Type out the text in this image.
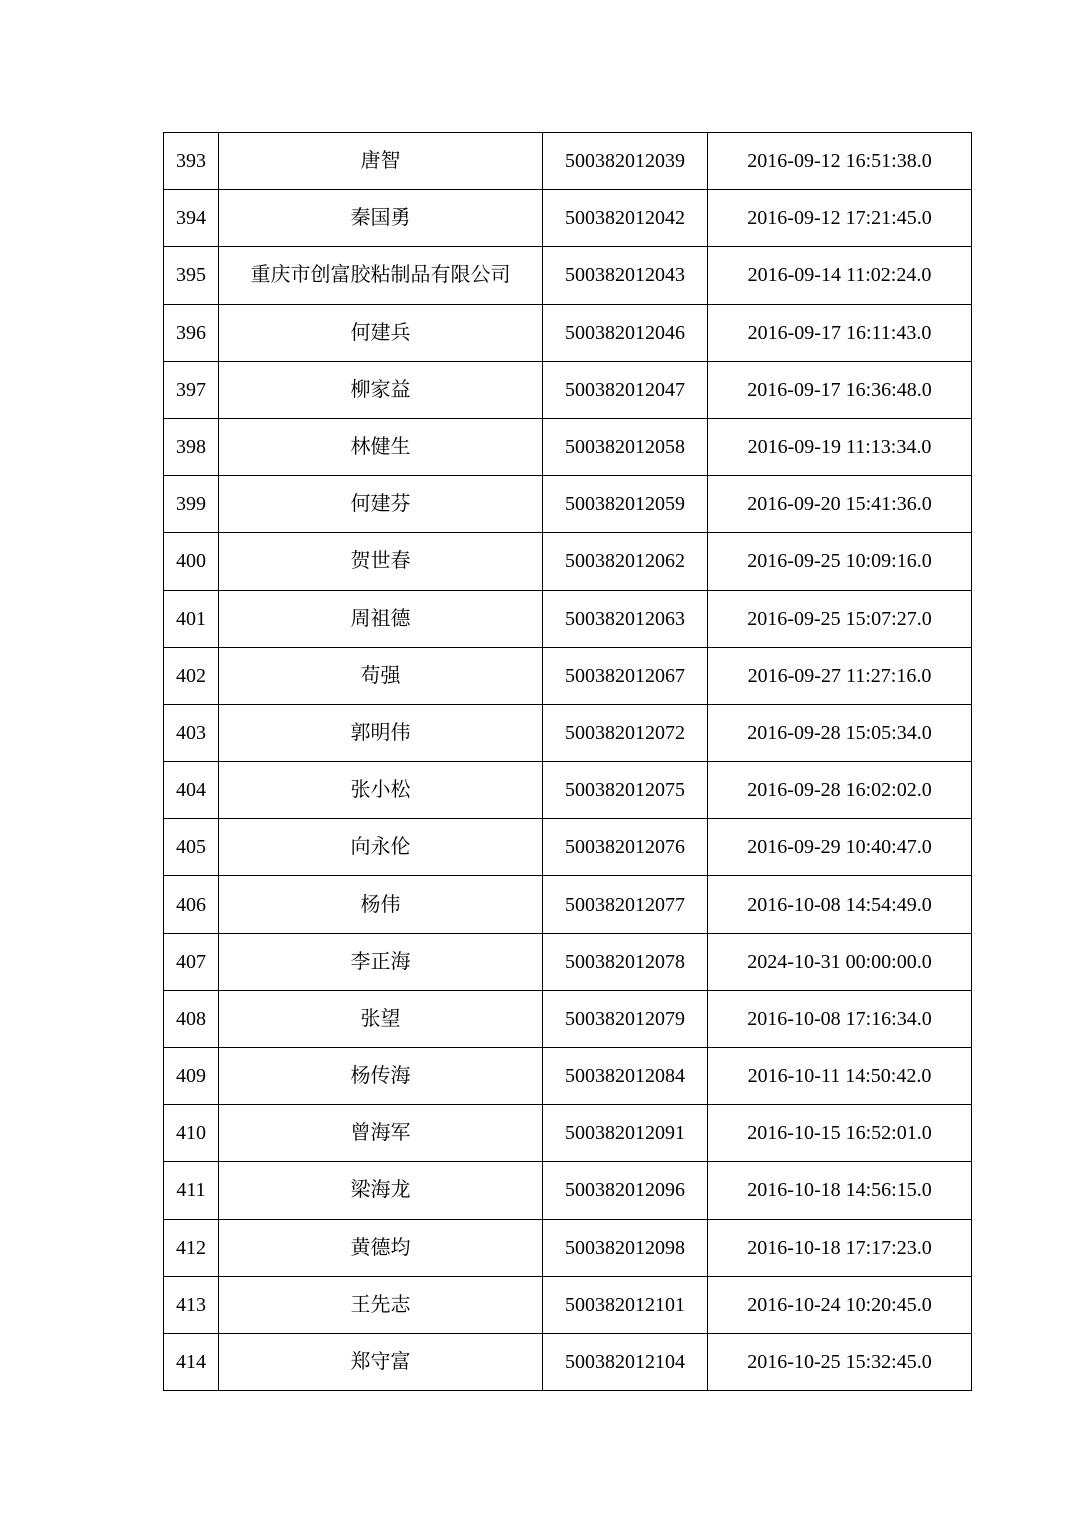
393	唐智	500382012039	2016-09-12 16:51:38.0
394	秦国勇	500382012042	2016-09-12 17:21:45.0
395	重庆市创富胶粘制品有限公司	500382012043	2016-09-14 11:02:24.0
396	何建兵	500382012046	2016-09-17 16:11:43.0
397	柳家益	500382012047	2016-09-17 16:36:48.0
398	林健生	500382012058	2016-09-19 11:13:34.0
399	何建芬	500382012059	2016-09-20 15:41:36.0
400	贺世春	500382012062	2016-09-25 10:09:16.0
401	周祖德	500382012063	2016-09-25 15:07:27.0
402	苟强	500382012067	2016-09-27 11:27:16.0
403	郭明伟	500382012072	2016-09-28 15:05:34.0
404	张小松	500382012075	2016-09-28 16:02:02.0
405	向永伦	500382012076	2016-09-29 10:40:47.0
406	杨伟	500382012077	2016-10-08 14:54:49.0
407	李正海	500382012078	2024-10-31 00:00:00.0
408	张望	500382012079	2016-10-08 17:16:34.0
409	杨传海	500382012084	2016-10-11 14:50:42.0
410	曾海军	500382012091	2016-10-15 16:52:01.0
411	梁海龙	500382012096	2016-10-18 14:56:15.0
412	黄德均	500382012098	2016-10-18 17:17:23.0
413	王先志	500382012101	2016-10-24 10:20:45.0
414	郑守富	500382012104	2016-10-25 15:32:45.0
